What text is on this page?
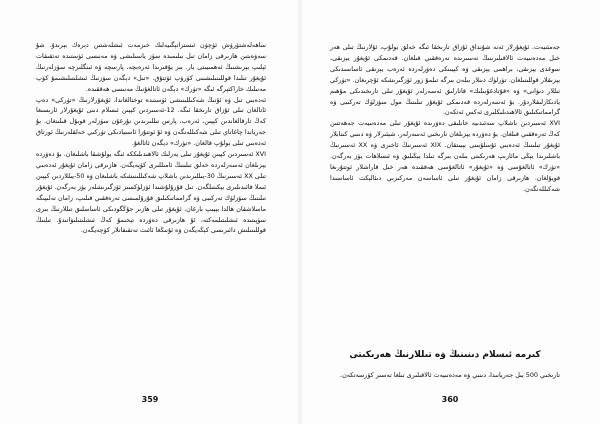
ساھەلەشتۈرۈش ئۈچۈن ئىستراتېگىيەلىك خىزمەت ئىشلەشتىن دېرەك بېرىدۇ. شۇ سەۋەبتىن ھازىرقى زامان تىل بىلىمىدە سۆز ياسىلىشى ۋە مەنىسى ئۈستىدە تەتقىقات ئېلىپ بېرىشنىڭ ئەھمىيىتى بار. بىز يۇقىرىدا ئەرەبچە، پارسچە ۋە ئىنگلىزچە سۆزلەرنىڭ ئۇيغۇر تىلىدا قوللىنىلىشىنى كۆرۈپ ئۆتتۇق. «تىل» دېگەن سۆزنىڭ ئىشلىتىلىشىمۇ كۆپ مەنىلىك خاراكتېرگە ئىگە «تۈرك» دېگەن ئاتالغۇنىڭ مەنىسى ھەققىدە.

ئەدەبىي تىل ۋە ئۇنىڭ شەكىللىنىشى ئۈستىدە توختالغاندا، ئۇيغۇرلارنىڭ «تۈركى» دەپ ئاتالغان تىلى ئۇزاق تارىخقا ئىگە. 12-ئەسىردىن كېيىن ئىسلام دىنى ئۇيغۇرلار ئارىسىغا كەڭ تارقالغاندىن كېيىن، ئەرەب، پارس تىللىرىدىن نۇرغۇن سۆزلەر قوبۇل قىلىنغان. بۇ جەرياندا چاغاتاي تىلى شەكىللەنگەن ۋە ئۇ ئوتتۇرا ئاسىيادىكى تۈركىي خەلقلەرنىڭ ئورتاق ئەدەبىي تىلى بولۇپ قالغان. «تۈرك» دېگەن ئاتالغۇ.

XVI ئەسىردىن كېيىن ئۇيغۇر تىلى يەرلىك ئالاھىدىلىككە ئىگە بولۇشقا باشلىغان. بۇ دەۋردە يېزىلغان ئەسەرلەردە خەلق تىلىنىڭ ئامىللىرى كۆپەيگەن. ھازىرقى زامان ئۇيغۇر ئەدەبىي تىلى XX ئەسىرنىڭ 30-يىللىرىدىن باشلاپ شەكىللىنىشكە باشلىغان ۋە 50-يىللاردىن كېيىن ئىملا قائىدىلىرى بېكىتىلگەن. تىل قۇرۇلۇشىدا ئۈزلۈكسىز ئۆزگىرىشلەر يۈز بەرگەن. ئۇيغۇر تىلىنىڭ سۆزلۈك تەركىبى ۋە گرامماتىكىلىق قۇرۇلمىسى تەرەققىي قىلىپ، زامان تەلىپىگە ماسلاشقان ھالدا بېيىپ بارغان. ئۇيغۇر تىلى ھازىر جۇڭگودىكى ئاساسلىق تىللارنىڭ بىرى سۈپىتىدە ئىشلىتىلمەكتە، ئۇ ھازىرقى دەۋردە تېخىمۇ كەڭ ئىشلىتىلىۋاتىدۇ. تىلنىڭ قوللىنىلىش دائىرىسى كېڭەيگەن ۋە ئۇنىڭغا ئائىت تەتقىقاتلار كۈچەيگەن.

359

جەمئىيەت. ئۇيغۇرلار ئەنە شۇنداق ئۇزاق تارىخقا ئىگە خەلق بولۇپ، ئۇلارنىڭ تىلى ھەر خىل مەدەنىيەت ئالاقىلىرىنىڭ تەسىرىدە تەرەققىي قىلغان. قەدىمكى ئۇيغۇر يېزىقى، سوغدى يېزىقى، براھمى يېزىقى ۋە كېيىنكى دەۋرلەردە ئەرەب يېزىقى ئاساسىدىكى يېزىقلار قوللىنىلغان. تۈرلۈك دىنلار بىلەن بىرگە تىلمۇ زور ئۆزگىرىشكە ئۇچرىغان. «تۈركى تىللار دىۋانى» ۋە «قۇتادغۇبىلىك» قاتارلىق ئەسەرلەر ئۇيغۇر تىلى تارىخىدىكى مۇھىم يادىكارلىقلاردۇر. بۇ ئەسەرلەردە قەدىمكى ئۇيغۇر تىلىنىڭ مول سۆزلۈك تەركىبى ۋە گرامماتىكىلىق ئالاھىدىلىكلىرى ئەكس ئەتكەن.

XVI ئەسىردىن باشلاپ سەئىدىيە خانلىقى دەۋرىدە ئۇيغۇر تىلى مەدەنىيەت جەھەتتىن كەڭ تەرەققىي قىلغان. بۇ دەۋردە يېزىلغان تارىخىي ئەسەرلەر، شېئىرلار ۋە دىنىي كىتابلار ئۇيغۇر تىلىنىڭ ئەدەبىي ئۇسلۇبىنى بېيىتقان. XIX ئەسىرنىڭ ئاخىرى ۋە XX ئەسىرنىڭ باشلىرىدا يېڭى مائارىپ ھەرىكىتى بىلەن بىرگە تىلدا يېڭىلىق ۋە ئىسلاھات يۈز بەرگەن. «تۈرك» ئاتالغۇسى ۋە «ئۇيغۇر» ئاتالغۇسى ھەققىدە ھەر خىل قاراشلار ئوتتۇرىغا قويۇلغان. ھازىرقى زامان ئۇيغۇر تىلى ئاساسەن مەركىزىي دىئالېكت ئاساسىدا شەكىللەنگەن.

كىرمە ئىسلام دىنىنىڭ ۋە تىللارنىڭ ھەرىكىتى
تارىخىي 500 يىل جەريانىدا، دىنىي ۋە مەدەنىيەت ئالاقىلىرى تىلغا تەسىر كۆرسەتكەن.
360
